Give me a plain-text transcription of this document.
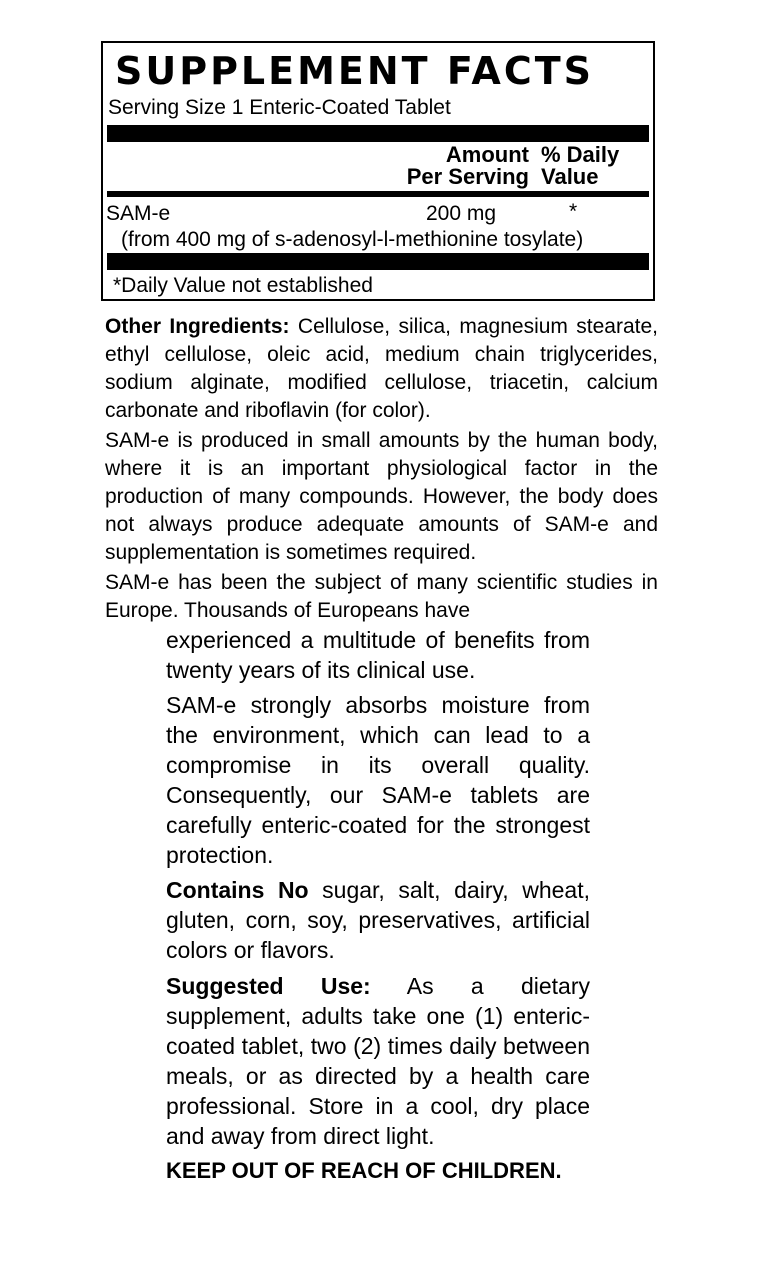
SUPPLEMENT FACTS
Serving Size 1 Enteric-Coated Tablet
Amount
Per Serving
% Daily
Value
SAM-e	200 mg	*
(from 400 mg of s-adenosyl-l-methionine tosylate)
*Daily Value not established

Other Ingredients: Cellulose, silica, magnesium stearate, ethyl cellulose, oleic acid, medium chain triglycerides, sodium alginate, modified cellulose, triacetin, calcium carbonate and riboflavin (for color).

SAM-e is produced in small amounts by the human body, where it is an important physiological factor in the production of many compounds. However, the body does not always produce adequate amounts of SAM-e and supplementation is sometimes required.

SAM-e has been the subject of many scientific studies in Europe. Thousands of Europeans have

experienced a multitude of benefits from twenty years of its clinical use.

SAM-e strongly absorbs moisture from the environment, which can lead to a compromise in its overall quality. Consequently, our SAM-e tablets are carefully enteric-coated for the strongest protection.

Contains No sugar, salt, dairy, wheat, gluten, corn, soy, preservatives, artificial colors or flavors.

Suggested Use: As a dietary supplement, adults take one (1) entericcoated tablet, two (2) times daily between meals, or as directed by a health care professional. Store in a cool, dry place and away from direct light.

KEEP OUT OF REACH OF CHILDREN.
